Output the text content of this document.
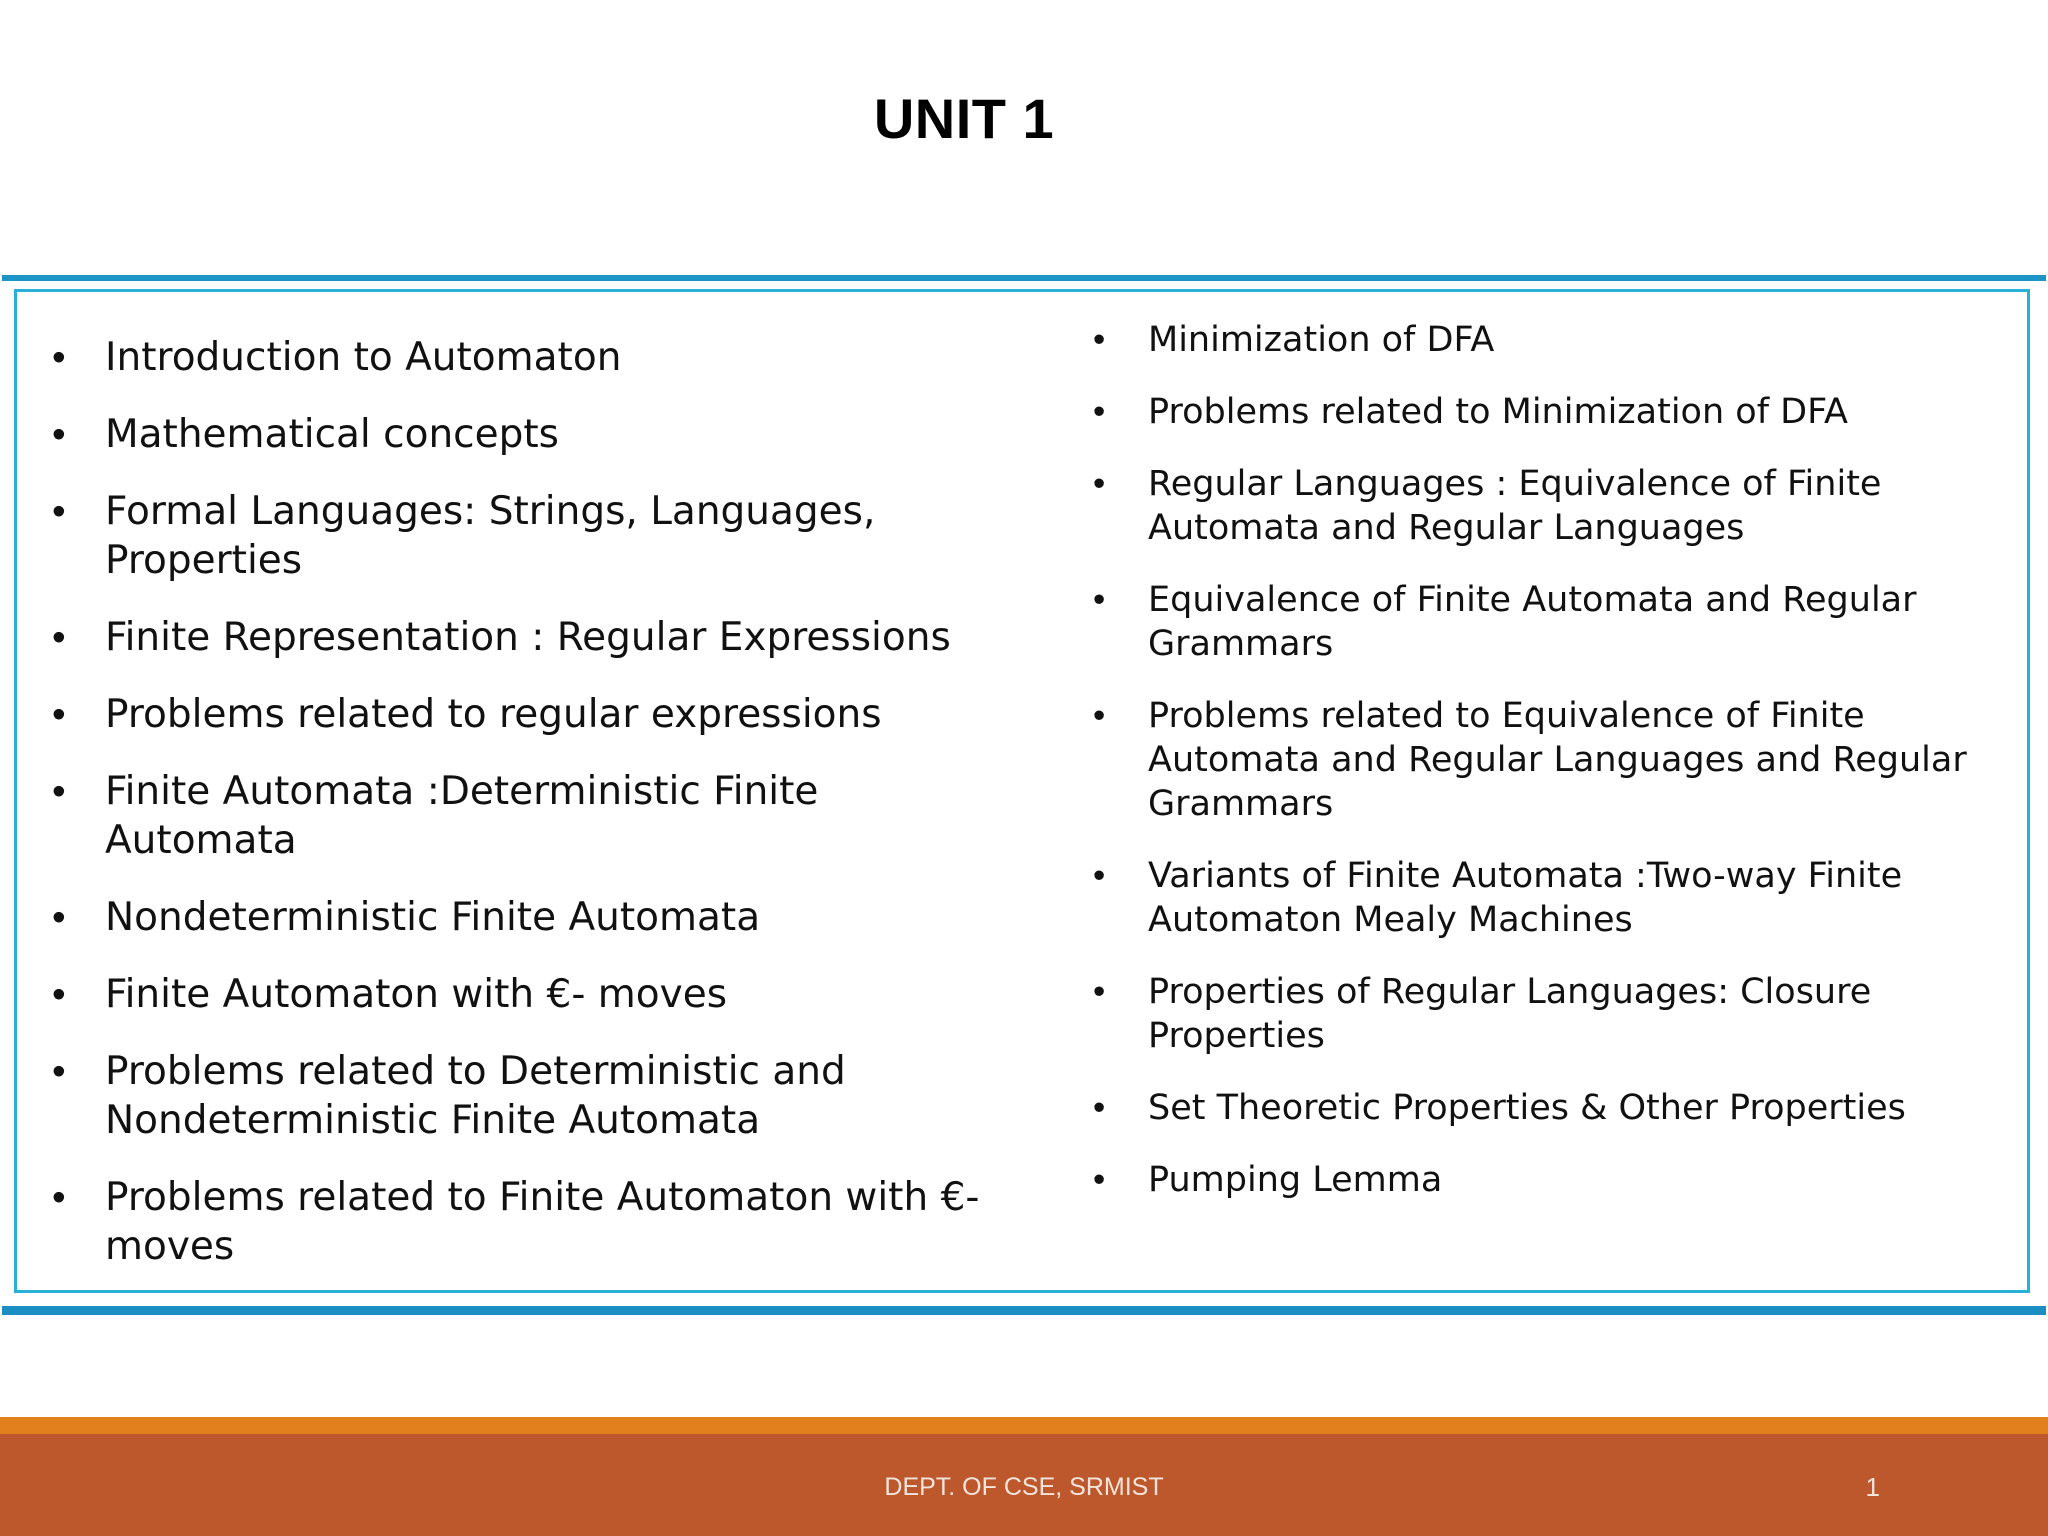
UNIT 1
• Introduction to Automaton
• Mathematical concepts
• Formal Languages: Strings, Languages, Properties
• Finite Representation : Regular Expressions
• Problems related to regular expressions
• Finite Automata :Deterministic Finite Automata
• Nondeterministic Finite Automata
• Finite Automaton with €- moves
• Problems related to Deterministic and Nondeterministic Finite Automata
• Problems related to Finite Automaton with €- moves
• Minimization of DFA
• Problems related to Minimization of DFA
• Regular Languages : Equivalence of Finite Automata and Regular Languages
• Equivalence of Finite Automata and Regular Grammars
• Problems related to Equivalence of Finite Automata and Regular Languages and Regular Grammars
• Variants of Finite Automata :Two-way Finite Automaton Mealy Machines
• Properties of Regular Languages: Closure Properties
• Set Theoretic Properties & Other Properties
• Pumping Lemma
DEPT. OF CSE, SRMIST	1
